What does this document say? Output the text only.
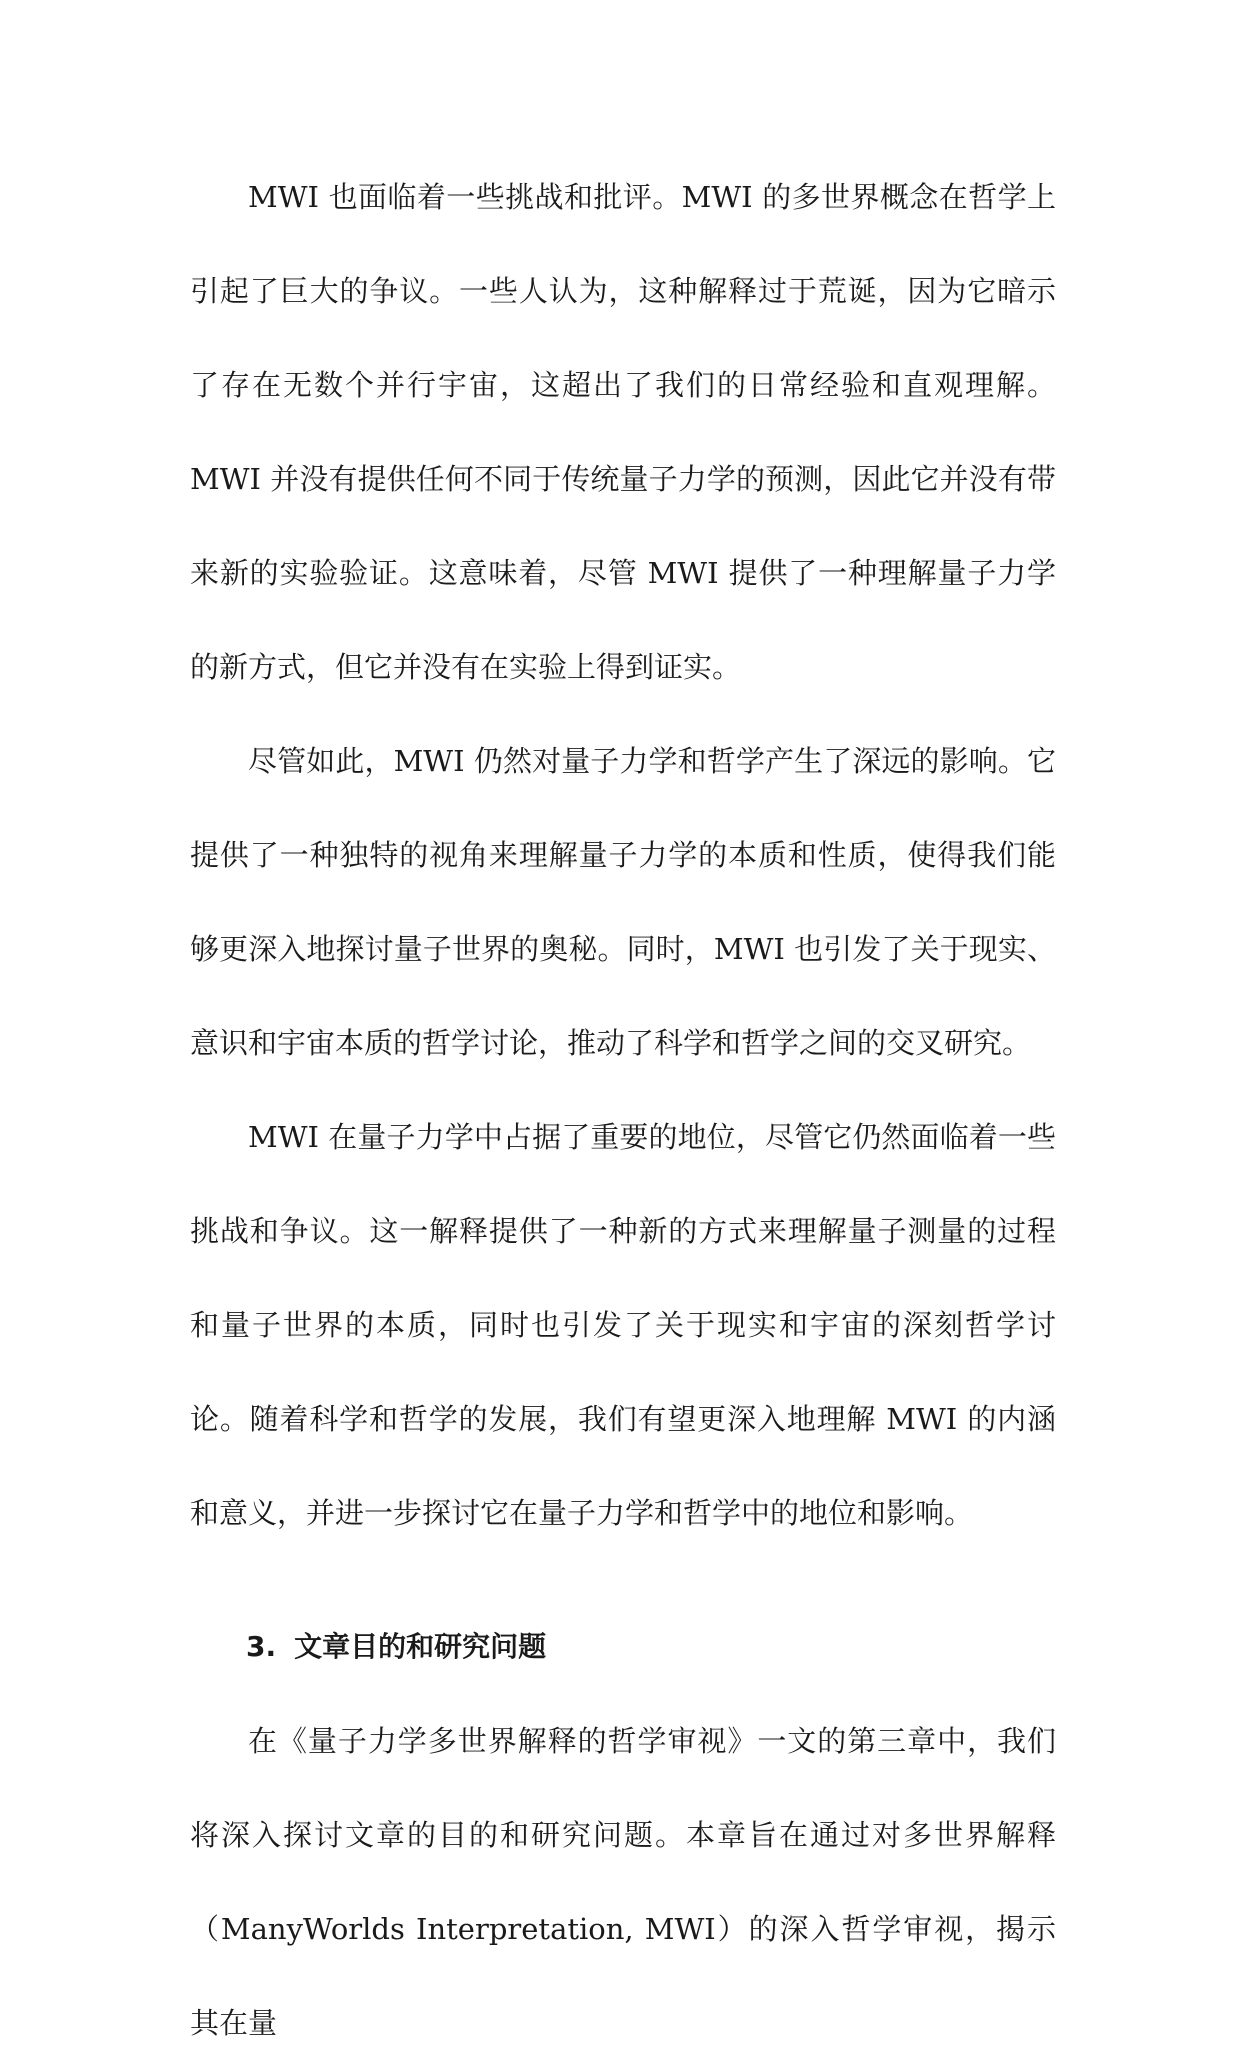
MWI 也面临着一些挑战和批评。MWI 的多世界概念在哲学上引起了巨大的争议。一些人认为，这种解释过于荒诞，因为它暗示了存在无数个并行宇宙，这超出了我们的日常经验和直观理解。MWI 并没有提供任何不同于传统量子力学的预测，因此它并没有带来新的实验验证。这意味着，尽管 MWI 提供了一种理解量子力学的新方式，但它并没有在实验上得到证实。

尽管如此，MWI 仍然对量子力学和哲学产生了深远的影响。它提供了一种独特的视角来理解量子力学的本质和性质，使得我们能够更深入地探讨量子世界的奥秘。同时，MWI 也引发了关于现实、意识和宇宙本质的哲学讨论，推动了科学和哲学之间的交叉研究。

MWI 在量子力学中占据了重要的地位，尽管它仍然面临着一些挑战和争议。这一解释提供了一种新的方式来理解量子测量的过程和量子世界的本质，同时也引发了关于现实和宇宙的深刻哲学讨论。随着科学和哲学的发展，我们有望更深入地理解 MWI 的内涵和意义，并进一步探讨它在量子力学和哲学中的地位和影响。

3. 文章目的和研究问题

在《量子力学多世界解释的哲学审视》一文的第三章中，我们将深入探讨文章的目的和研究问题。本章旨在通过对多世界解释（ManyWorlds Interpretation, MWI）的深入哲学审视，揭示其在量
